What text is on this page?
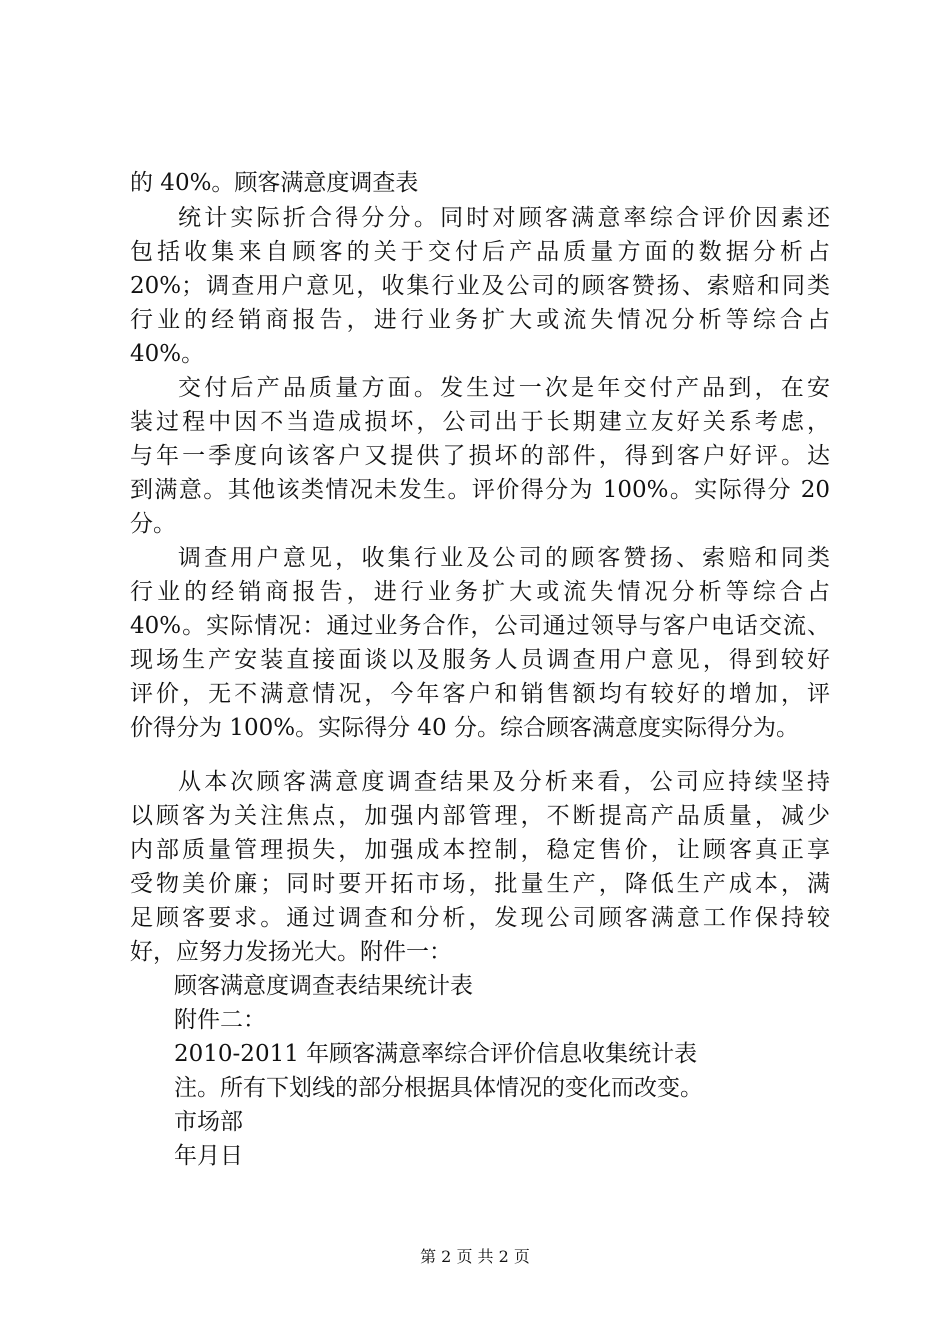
的 40%。顾客满意度调查表
统计实际折合得分分。同时对顾客满意率综合评价因素还
包括收集来自顾客的关于交付后产品质量方面的数据分析占
20%；调查用户意见，收集行业及公司的顾客赞扬、索赔和同类
行业的经销商报告，进行业务扩大或流失情况分析等综合占
40%。
交付后产品质量方面。发生过一次是年交付产品到，在安
装过程中因不当造成损坏，公司出于长期建立友好关系考虑，
与年一季度向该客户又提供了损坏的部件，得到客户好评。达
到满意。其他该类情况未发生。评价得分为 100%。实际得分 20
分。
调查用户意见，收集行业及公司的顾客赞扬、索赔和同类
行业的经销商报告，进行业务扩大或流失情况分析等综合占
40%。实际情况：通过业务合作，公司通过领导与客户电话交流、
现场生产安装直接面谈以及服务人员调查用户意见，得到较好
评价，无不满意情况，今年客户和销售额均有较好的增加，评
价得分为 100%。实际得分 40 分。综合顾客满意度实际得分为。
从本次顾客满意度调查结果及分析来看，公司应持续坚持
以顾客为关注焦点，加强内部管理，不断提高产品质量，减少
内部质量管理损失，加强成本控制，稳定售价，让顾客真正享
受物美价廉；同时要开拓市场，批量生产，降低生产成本，满
足顾客要求。通过调查和分析，发现公司顾客满意工作保持较
好，应努力发扬光大。附件一：
顾客满意度调查表结果统计表
附件二：
2010-2011 年顾客满意率综合评价信息收集统计表
注。所有下划线的部分根据具体情况的变化而改变。
市场部
年月日
第 2 页 共 2 页
